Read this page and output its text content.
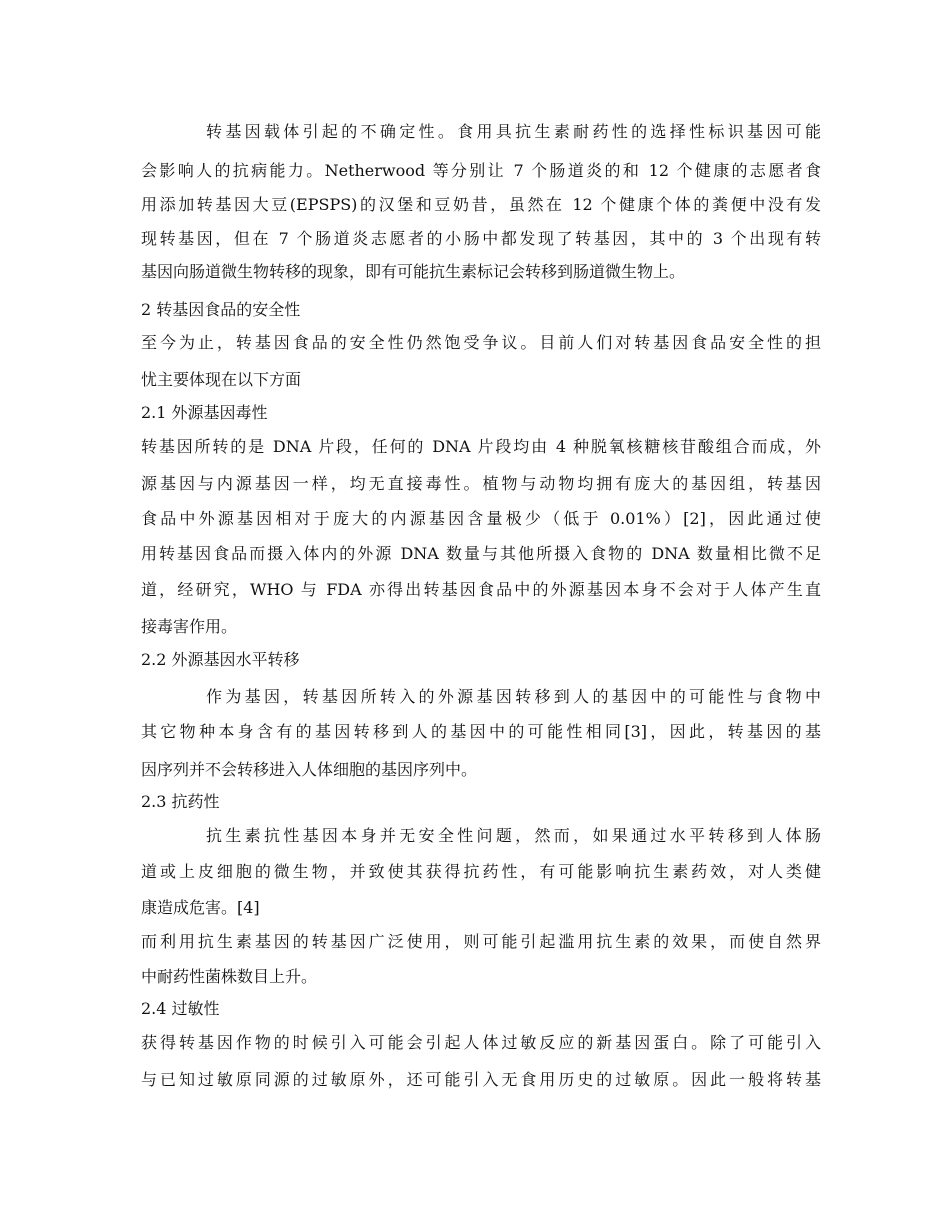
转基因载体引起的不确定性。食用具抗生素耐药性的选择性标识基因可能
会影响人的抗病能力。Netherwood 等分别让 7 个肠道炎的和 12 个健康的志愿者食
用添加转基因大豆(EPSPS)的汉堡和豆奶昔，虽然在 12 个健康个体的粪便中没有发
现转基因，但在 7 个肠道炎志愿者的小肠中都发现了转基因，其中的 3 个出现有转
基因向肠道微生物转移的现象，即有可能抗生素标记会转移到肠道微生物上。
2 转基因食品的安全性
至今为止，转基因食品的安全性仍然饱受争议。目前人们对转基因食品安全性的担
忧主要体现在以下方面
2.1 外源基因毒性
转基因所转的是 DNA 片段，任何的 DNA 片段均由 4 种脱氧核糖核苷酸组合而成，外
源基因与内源基因一样，均无直接毒性。植物与动物均拥有庞大的基因组，转基因
食品中外源基因相对于庞大的内源基因含量极少（低于 0.01%）[2]，因此通过使
用转基因食品而摄入体内的外源 DNA 数量与其他所摄入食物的 DNA 数量相比微不足
道，经研究，WHO 与 FDA 亦得出转基因食品中的外源基因本身不会对于人体产生直
接毒害作用。
2.2 外源基因水平转移
作为基因，转基因所转入的外源基因转移到人的基因中的可能性与食物中
其它物种本身含有的基因转移到人的基因中的可能性相同[3]，因此，转基因的基
因序列并不会转移进入人体细胞的基因序列中。
2.3 抗药性
抗生素抗性基因本身并无安全性问题，然而，如果通过水平转移到人体肠
道或上皮细胞的微生物，并致使其获得抗药性，有可能影响抗生素药效，对人类健
康造成危害。[4]
而利用抗生素基因的转基因广泛使用，则可能引起滥用抗生素的效果，而使自然界
中耐药性菌株数目上升。
2.4 过敏性
获得转基因作物的时候引入可能会引起人体过敏反应的新基因蛋白。除了可能引入
与已知过敏原同源的过敏原外，还可能引入无食用历史的过敏原。因此一般将转基
